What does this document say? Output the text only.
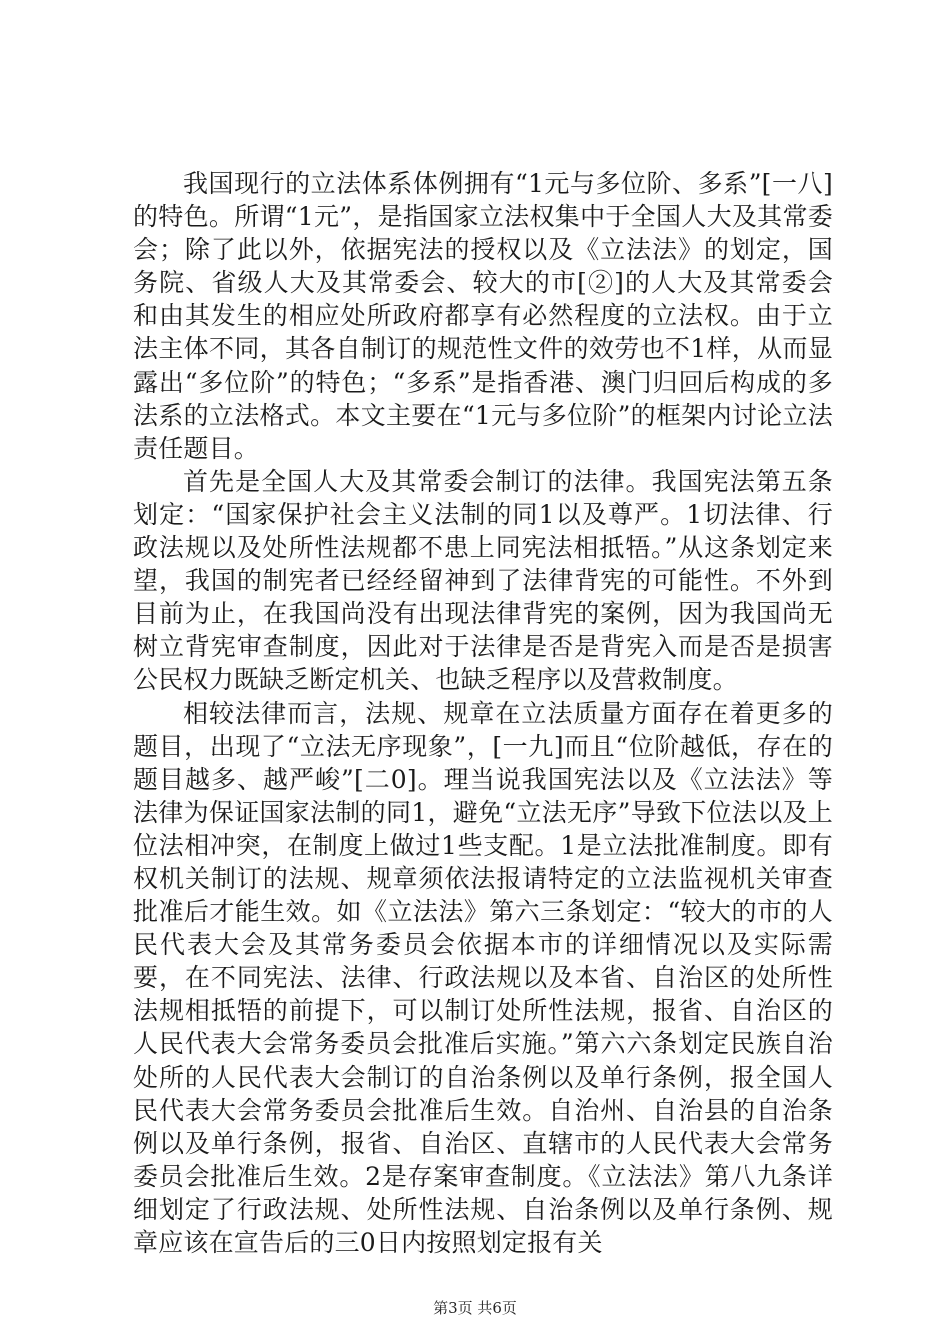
我国现行的立法体系体例拥有“1元与多位阶、多系”[一八]的特色。所谓“1元”，是指国家立法权集中于全国人大及其常委会；除了此以外，依据宪法的授权以及《立法法》的划定，国务院、省级人大及其常委会、较大的市[②]的人大及其常委会和由其发生的相应处所政府都享有必然程度的立法权。由于立法主体不同，其各自制订的规范性文件的效劳也不1样，从而显露出“多位阶”的特色；“多系”是指香港、澳门归回后构成的多法系的立法格式。本文主要在“1元与多位阶”的框架内讨论立法责任题目。

首先是全国人大及其常委会制订的法律。我国宪法第五条划定：“国家保护社会主义法制的同1以及尊严。1切法律、行政法规以及处所性法规都不患上同宪法相抵牾。”从这条划定来望，我国的制宪者已经经留神到了法律背宪的可能性。不外到目前为止，在我国尚没有出现法律背宪的案例，因为我国尚无树立背宪审查制度，因此对于法律是否是背宪入而是否是损害公民权力既缺乏断定机关、也缺乏程序以及营救制度。

相较法律而言，法规、规章在立法质量方面存在着更多的题目，出现了“立法无序现象”，[一九]而且“位阶越低，存在的题目越多、越严峻”[二0]。理当说我国宪法以及《立法法》等法律为保证国家法制的同1，避免“立法无序”导致下位法以及上位法相冲突，在制度上做过1些支配。1是立法批准制度。即有权机关制订的法规、规章须依法报请特定的立法监视机关审查批准后才能生效。如《立法法》第六三条划定：“较大的市的人民代表大会及其常务委员会依据本市的详细情况以及实际需要，在不同宪法、法律、行政法规以及本省、自治区的处所性法规相抵牾的前提下，可以制订处所性法规，报省、自治区的人民代表大会常务委员会批准后实施。”第六六条划定民族自治处所的人民代表大会制订的自治条例以及单行条例，报全国人民代表大会常务委员会批准后生效。自治州、自治县的自治条例以及单行条例，报省、自治区、直辖市的人民代表大会常务委员会批准后生效。2是存案审查制度。《立法法》第八九条详细划定了行政法规、处所性法规、自治条例以及单行条例、规章应该在宣告后的三0日内按照划定报有关

第3页 共6页
